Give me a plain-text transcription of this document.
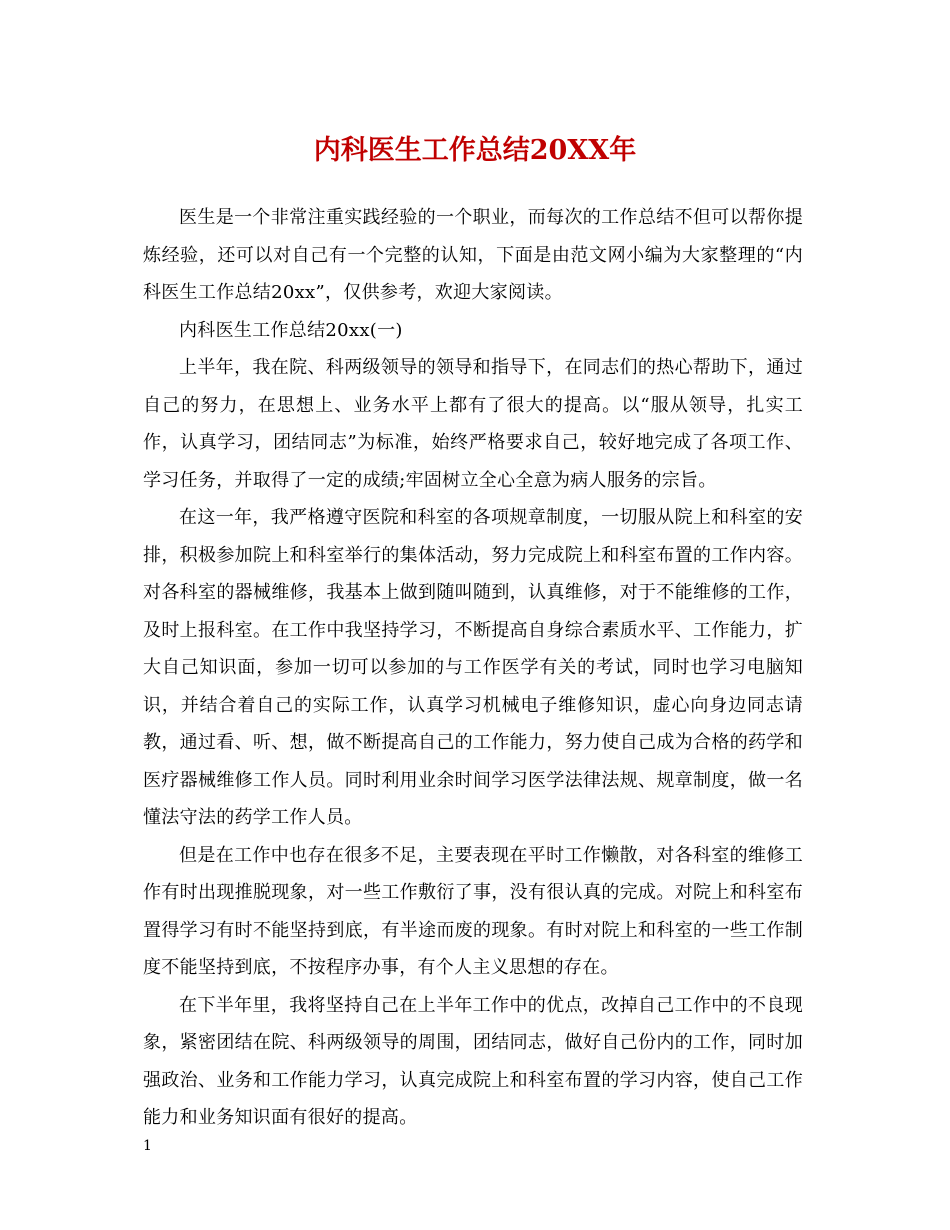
内科医生工作总结20XX年

医生是一个非常注重实践经验的一个职业，而每次的工作总结不但可以帮你提炼经验，还可以对自己有一个完整的认知，下面是由范文网小编为大家整理的“内科医生工作总结20xx”，仅供参考，欢迎大家阅读。

内科医生工作总结20xx(一)

上半年，我在院、科两级领导的领导和指导下，在同志们的热心帮助下，通过自己的努力，在思想上、业务水平上都有了很大的提高。以“服从领导，扎实工作，认真学习，团结同志”为标准，始终严格要求自己，较好地完成了各项工作、学习任务，并取得了一定的成绩;牢固树立全心全意为病人服务的宗旨。

在这一年，我严格遵守医院和科室的各项规章制度，一切服从院上和科室的安排，积极参加院上和科室举行的集体活动，努力完成院上和科室布置的工作内容。对各科室的器械维修，我基本上做到随叫随到，认真维修，对于不能维修的工作，及时上报科室。在工作中我坚持学习，不断提高自身综合素质水平、工作能力，扩大自己知识面，参加一切可以参加的与工作医学有关的考试，同时也学习电脑知识，并结合着自己的实际工作，认真学习机械电子维修知识，虚心向身边同志请教，通过看、听、想，做不断提高自己的工作能力，努力使自己成为合格的药学和医疗器械维修工作人员。同时利用业余时间学习医学法律法规、规章制度，做一名懂法守法的药学工作人员。

但是在工作中也存在很多不足，主要表现在平时工作懒散，对各科室的维修工作有时出现推脱现象，对一些工作敷衍了事，没有很认真的完成。对院上和科室布置得学习有时不能坚持到底，有半途而废的现象。有时对院上和科室的一些工作制度不能坚持到底，不按程序办事，有个人主义思想的存在。

在下半年里，我将坚持自己在上半年工作中的优点，改掉自己工作中的不良现象，紧密团结在院、科两级领导的周围，团结同志，做好自己份内的工作，同时加强政治、业务和工作能力学习，认真完成院上和科室布置的学习内容，使自己工作能力和业务知识面有很好的提高。

1
